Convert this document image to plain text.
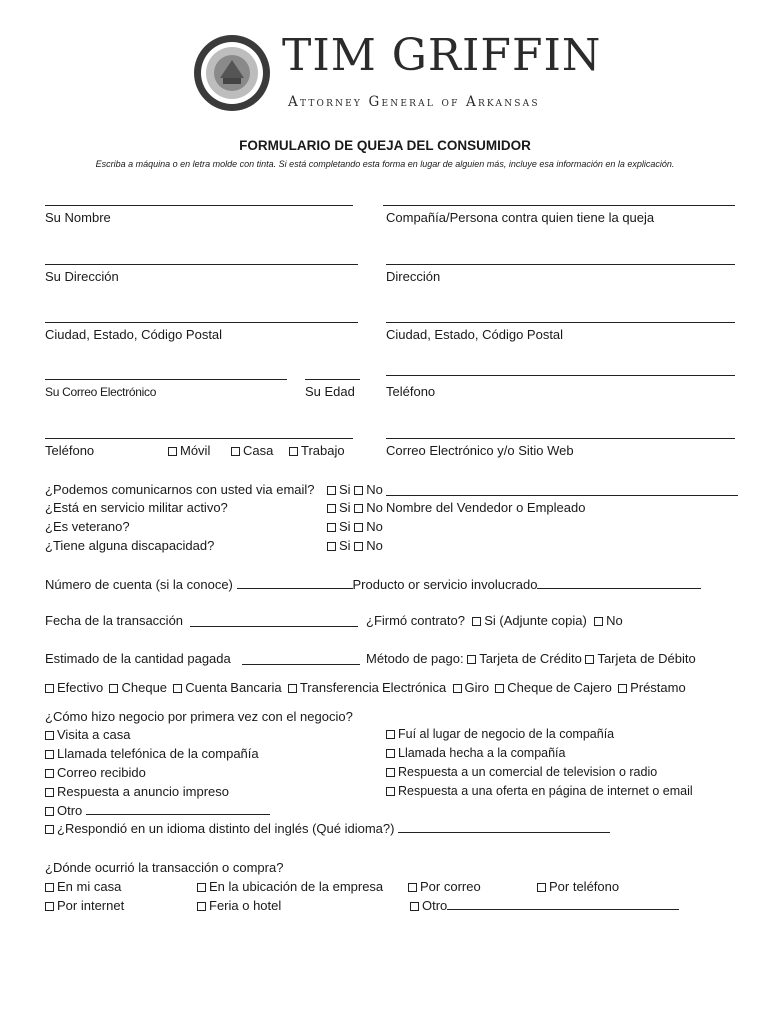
TIM GRIFFIN
Attorney General of Arkansas
FORMULARIO DE QUEJA DEL CONSUMIDOR
Escriba a máquina o en letra molde con tinta. Si está completando esta forma en lugar de alguien más, incluye esa información en la explicación.
Su Nombre	Compañía/Persona contra quien tiene la queja
Su Dirección	Dirección
Ciudad, Estado, Código Postal	Ciudad, Estado, Código Postal
Su Correo Electrónico	Su Edad Teléfono
Teléfono	Móvil	Casa	Trabajo	Correo Electrónico y/o Sitio Web
¿Podemos comunicarnos con usted via email?	Si No
¿Está en servicio militar activo?	Si No Nombre del Vendedor o Empleado
¿Es veterano?	Si No
¿Tiene alguna discapacidad?	Si No
Número de cuenta (si la conoce)	Producto or servicio involucrado
Fecha de la transacción	¿Firmó contrato? Si (Adjunte copia) No
Estimado de la cantidad pagada	Método de pago: Tarjeta de Crédito Tarjeta de Débito
Efectivo Cheque Cuenta Bancaria Transferencia Electrónica Giro Cheque de Cajero Préstamo
¿Cómo hizo negocio por primera vez con el negocio?
Visita a casa
Llamada telefónica de la compañía
Correo recibido
Respuesta a anuncio impreso
Otro
Fuí al lugar de negocio de la compañía
Llamada hecha a la compañía
Respuesta a un comercial de television o radio
Respuesta a una oferta en página de internet o email
¿Respondió en un idioma distinto del inglés (Qué idioma?)
¿Dónde ocurrió la transacción o compra?
En mi casa	En la ubicación de la empresa	Por correo	Por teléfono
Por internet	Feria o hotel	Otro
